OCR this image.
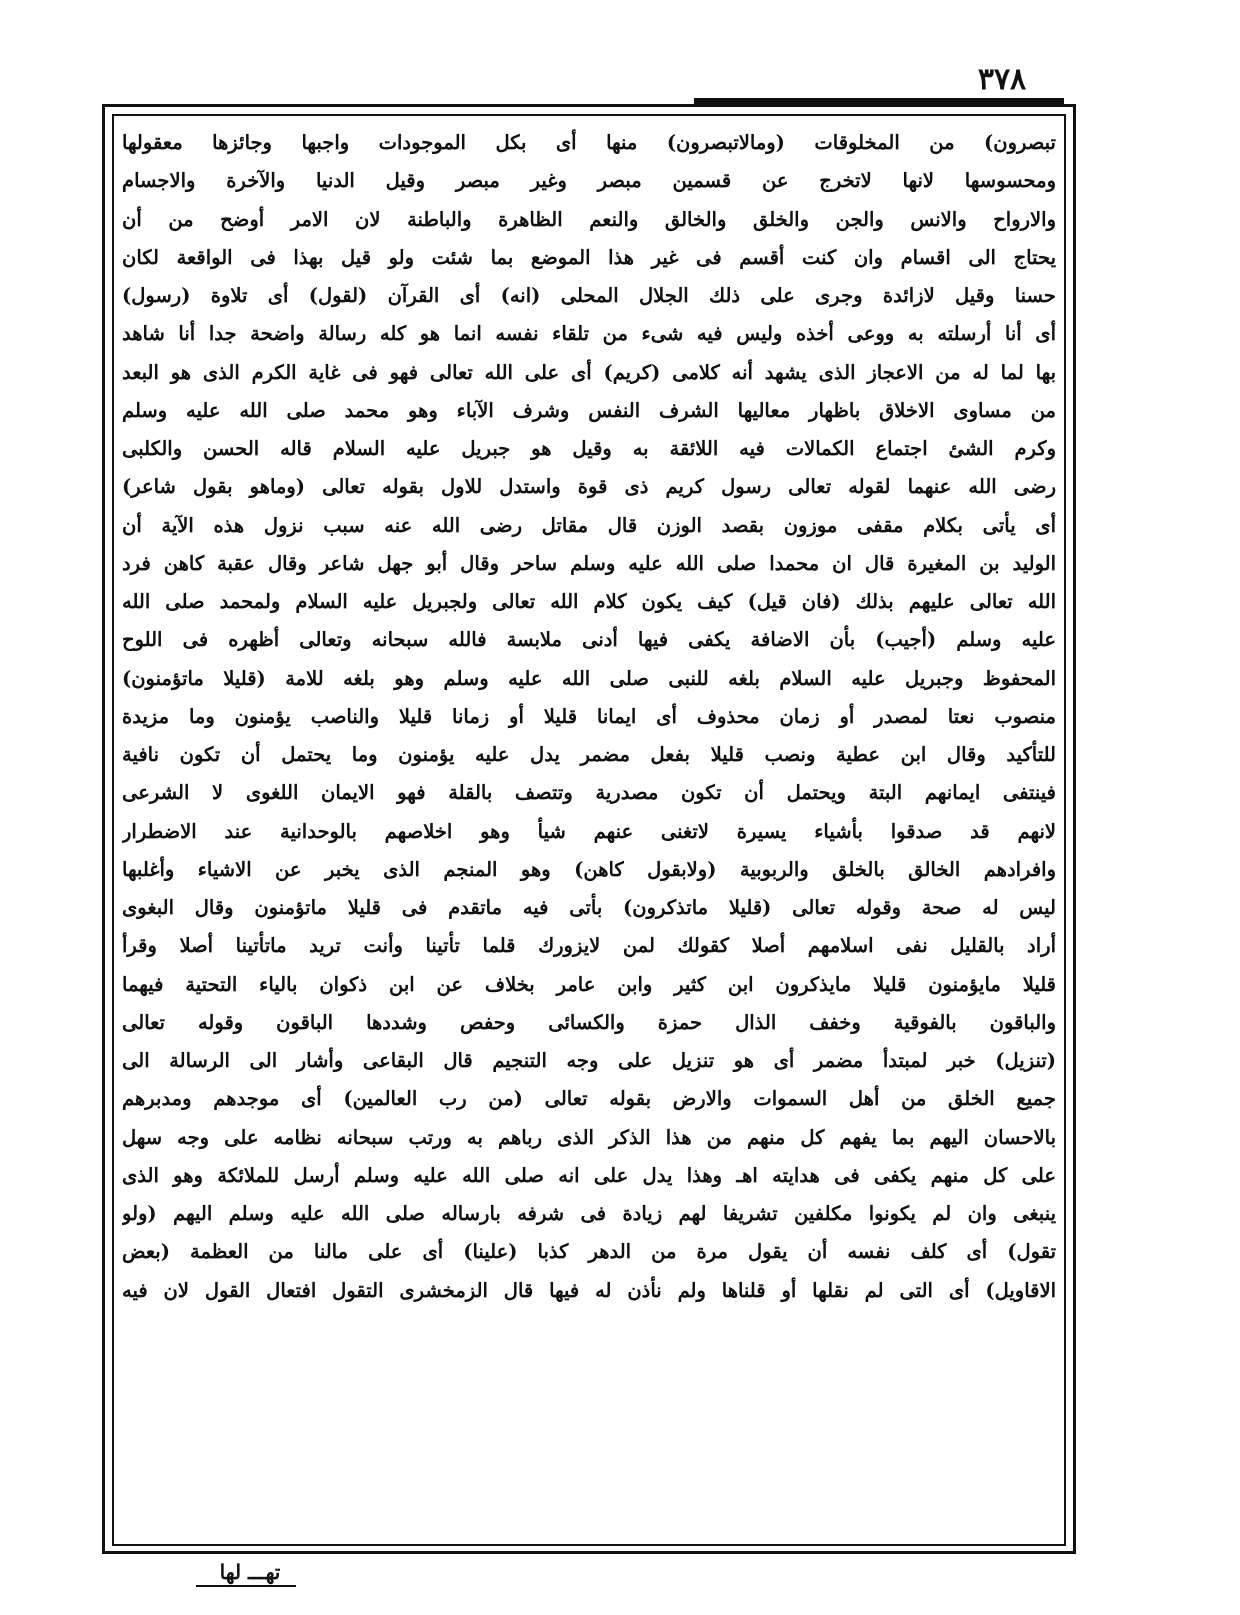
٣٧٨
تبصرون) من المخلوقات (ومالاتبصرون) منها أى بكل الموجودات واجبها وجائزها معقولها
ومحسوسها لانها لاتخرج عن قسمين مبصر وغير مبصر وقيل الدنيا والآخرة والاجسام
والارواح والانس والجن والخلق والخالق والنعم الظاهرة والباطنة لان الامر أوضح من أن
يحتاج الى اقسام وان كنت أقسم فى غير هذا الموضع بما شئت ولو قيل بهذا فى الواقعة لكان
حسنا وقيل لازائدة وجرى على ذلك الجلال المحلى (انه) أى القرآن (لقول) أى تلاوة (رسول)
أى أنا أرسلته به ووعى أخذه وليس فيه شىء من تلقاء نفسه انما هو كله رسالة واضحة جدا أنا شاهد
بها لما له من الاعجاز الذى يشهد أنه كلامى (كريم) أى على الله تعالى فهو فى غاية الكرم الذى هو البعد
من مساوى الاخلاق باظهار معاليها الشرف النفس وشرف الآباء وهو محمد صلى الله عليه وسلم
وكرم الشئ اجتماع الكمالات فيه اللائقة به وقيل هو جبريل عليه السلام قاله الحسن والكلبى
رضى الله عنهما لقوله تعالى رسول كريم ذى قوة واستدل للاول بقوله تعالى (وماهو بقول شاعر)
أى يأتى بكلام مقفى موزون بقصد الوزن قال مقاتل رضى الله عنه سبب نزول هذه الآية أن
الوليد بن المغيرة قال ان محمدا صلى الله عليه وسلم ساحر وقال أبو جهل شاعر وقال عقبة كاهن فرد
الله تعالى عليهم بذلك (فان قيل) كيف يكون كلام الله تعالى ولجبريل عليه السلام ولمحمد صلى الله
عليه وسلم (أجيب) بأن الاضافة يكفى فيها أدنى ملابسة فالله سبحانه وتعالى أظهره فى اللوح
المحفوظ وجبريل عليه السلام بلغه للنبى صلى الله عليه وسلم وهو بلغه للامة (قليلا ماتؤمنون)
منصوب نعتا لمصدر أو زمان محذوف أى ايمانا قليلا أو زمانا قليلا والناصب يؤمنون وما مزيدة
للتأكيد وقال ابن عطية ونصب قليلا بفعل مضمر يدل عليه يؤمنون وما يحتمل أن تكون نافية
فينتفى ايمانهم البتة ويحتمل أن تكون مصدرية وتتصف بالقلة فهو الايمان اللغوى لا الشرعى
لانهم قد صدقوا بأشياء يسيرة لاتغنى عنهم شيأ وهو اخلاصهم بالوحدانية عند الاضطرار
وافرادهم الخالق بالخلق والربوبية (ولابقول كاهن) وهو المنجم الذى يخبر عن الاشياء وأغلبها
ليس له صحة وقوله تعالى (قليلا ماتذكرون) بأتى فيه ماتقدم فى قليلا ماتؤمنون وقال البغوى
أراد بالقليل نفى اسلامهم أصلا كقولك لمن لايزورك قلما تأتينا وأنت تريد ماتأتينا أصلا وقرأ
قليلا مايؤمنون قليلا مايذكرون ابن كثير وابن عامر بخلاف عن ابن ذكوان بالياء التحتية فيهما
والباقون بالفوقية وخفف الذال حمزة والكسائى وحفص وشددها الباقون وقوله تعالى
(تنزيل) خبر لمبتدأ مضمر أى هو تنزيل على وجه التنجيم قال البقاعى وأشار الى الرسالة الى
جميع الخلق من أهل السموات والارض بقوله تعالى (من رب العالمين) أى موجدهم ومدبرهم
بالاحسان اليهم بما يفهم كل منهم من هذا الذكر الذى رباهم به ورتب سبحانه نظامه على وجه سهل
على كل منهم يكفى فى هدايته اهـ وهذا يدل على انه صلى الله عليه وسلم أرسل للملائكة وهو الذى
ينبغى وان لم يكونوا مكلفين تشريفا لهم زيادة فى شرفه بارساله صلى الله عليه وسلم اليهم (ولو
تقول) أى كلف نفسه أن يقول مرة من الدهر كذبا (علينا) أى على مالنا من العظمة (بعض
الاقاويل) أى التى لم نقلها أو قلناها ولم نأذن له فيها قال الزمخشرى التقول افتعال القول لان فيه
تهـــ لها
